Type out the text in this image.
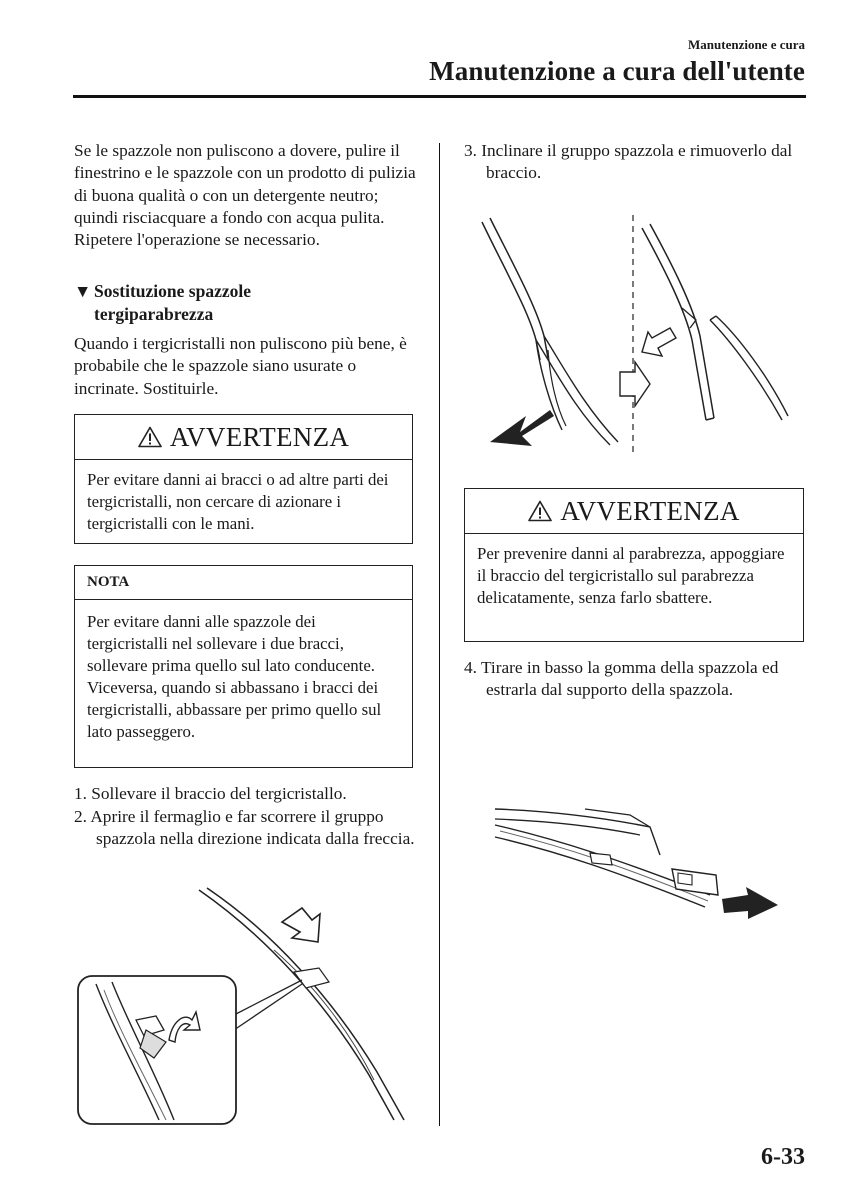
Manutenzione e cura
Manutenzione a cura dell'utente

Se le spazzole non puliscono a dovere, pulire il finestrino e le spazzole con un prodotto di pulizia di buona qualità o con un detergente neutro; quindi risciacquare a fondo con acqua pulita. Ripetere l'operazione se necessario.

▼ Sostituzione spazzole
tergiparabrezza

Quando i tergicristalli non puliscono più bene, è probabile che le spazzole siano usurate o incrinate. Sostituirle.

AVVERTENZA
Per evitare danni ai bracci o ad altre parti dei tergicristalli, non cercare di azionare i tergicristalli con le mani.
NOTA
Per evitare danni alle spazzole dei tergicristalli nel sollevare i due bracci, sollevare prima quello sul lato conducente. Viceversa, quando si abbassano i bracci dei tergicristalli, abbassare per primo quello sul lato passeggero.
1. Sollevare il braccio del tergicristallo.
2. Aprire il fermaglio e far scorrere il gruppo spazzola nella direzione indicata dalla freccia.
3. Inclinare il gruppo spazzola e rimuoverlo dal braccio.
AVVERTENZA
Per prevenire danni al parabrezza, appoggiare il braccio del tergicristallo sul parabrezza delicatamente, senza farlo sbattere.
4. Tirare in basso la gomma della spazzola ed estrarla dal supporto della spazzola.
6-33
